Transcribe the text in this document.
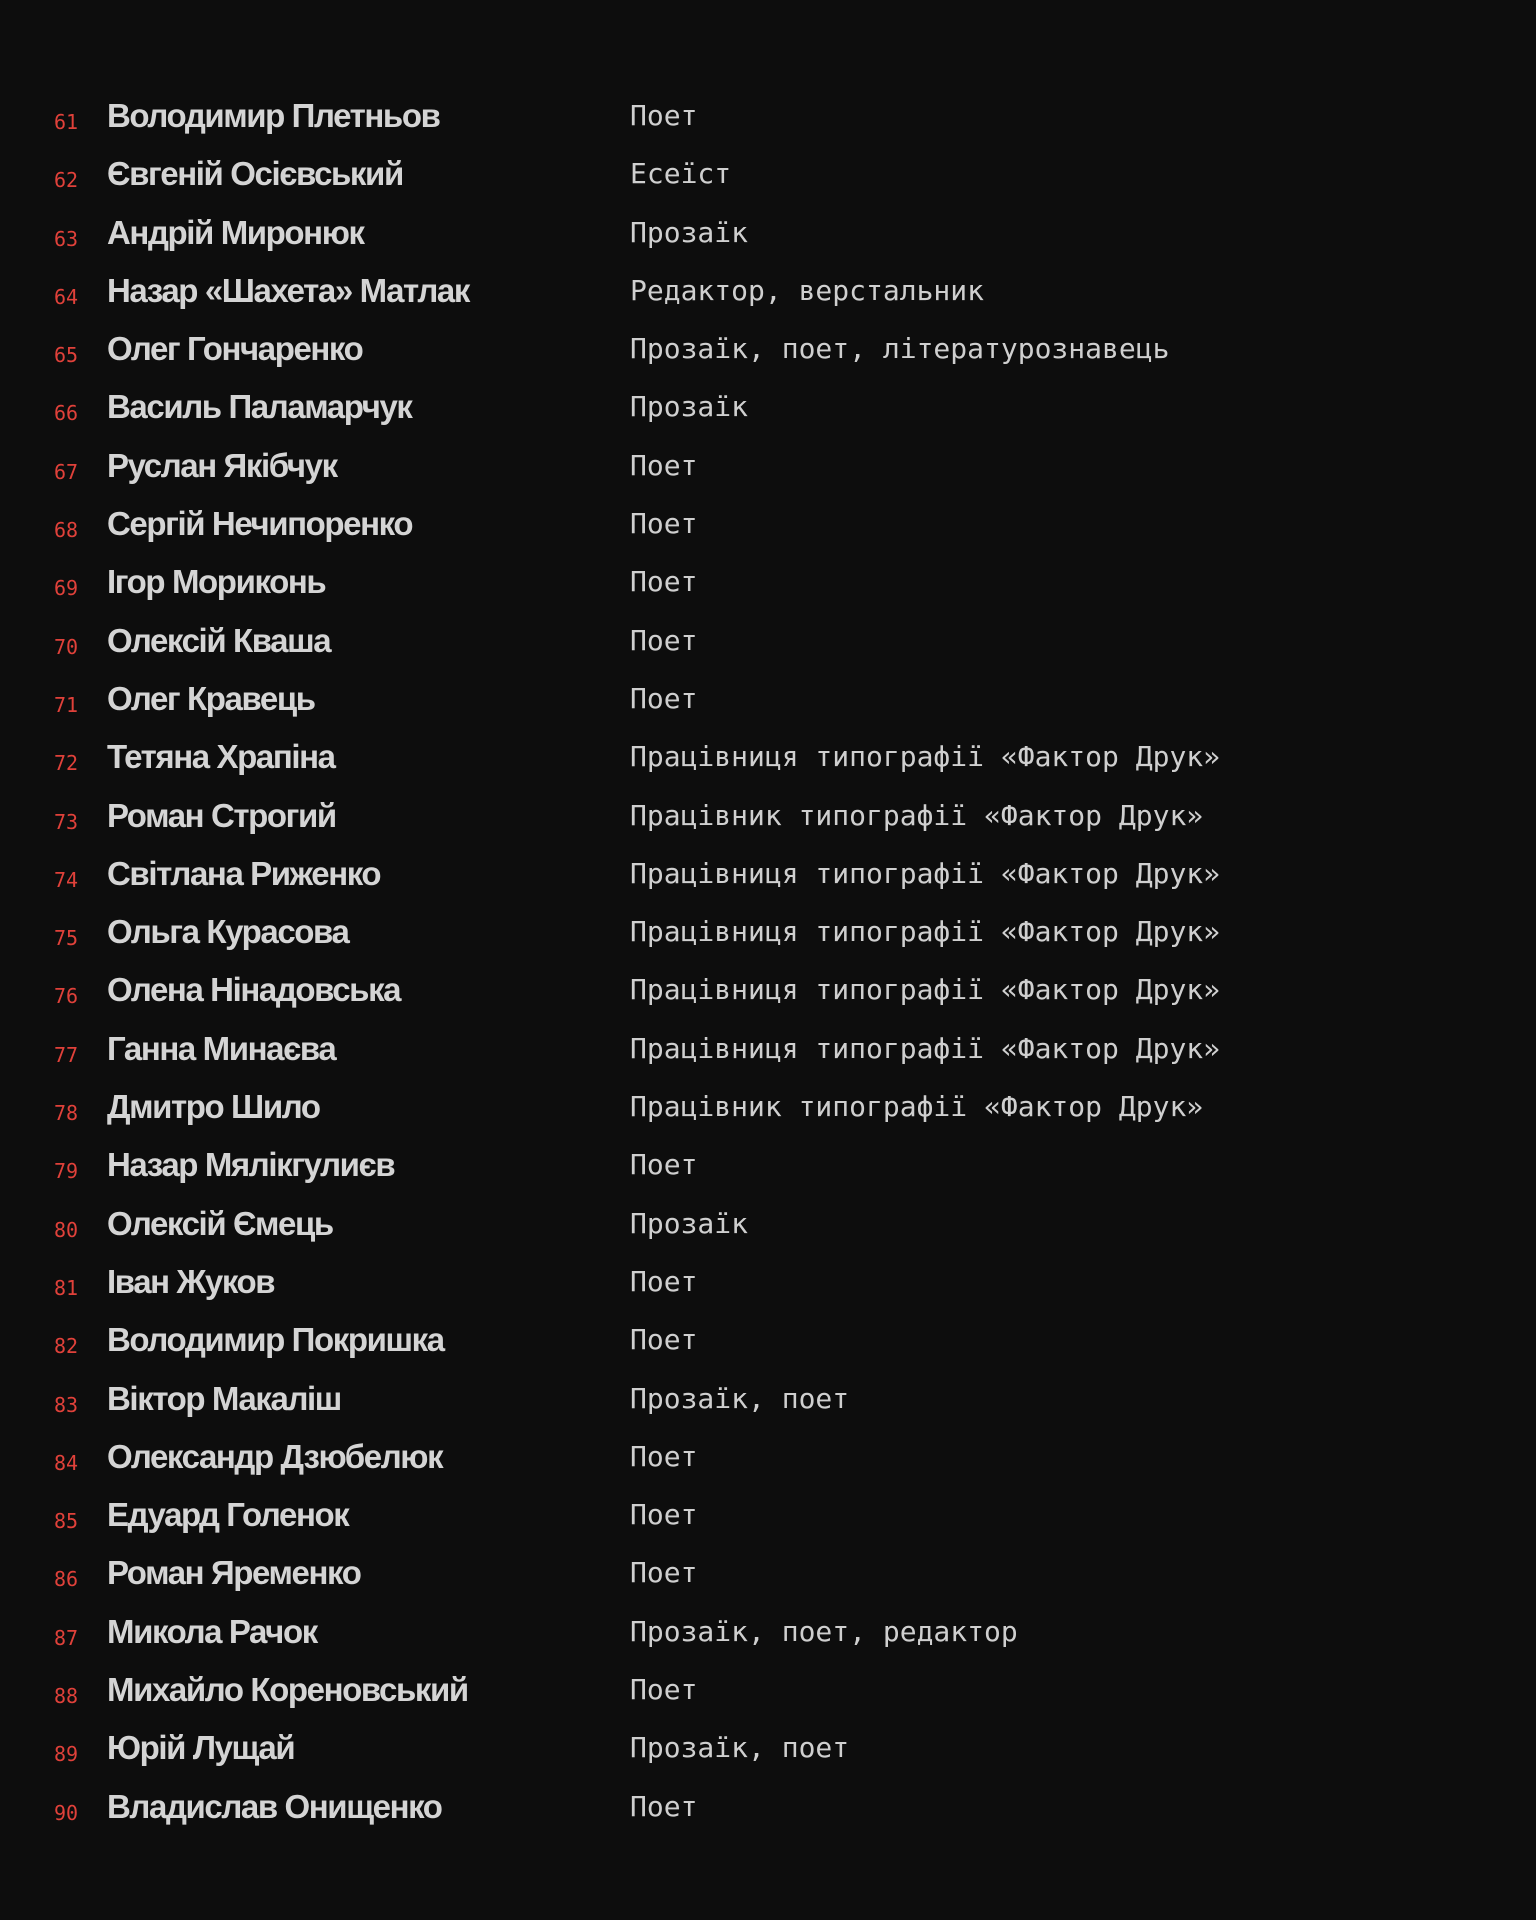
61 Володимир Плетньов	Поет
62 Євгеній Осієвський	Есеїст
63 Андрій Миронюк	Прозаїк
64 Назар «Шахета» Матлак	Редактор, верстальник
65 Олег Гончаренко	Прозаїк, поет, літературознавець
66 Василь Паламарчук	Прозаїк
67 Руслан Якібчук	Поет
68 Сергій Нечипоренко	Поет
69 Ігор Мориконь	Поет
70 Олексій Кваша	Поет
71 Олег Кравець	Поет
72 Тетяна Храпіна	Працівниця типографії «Фактор Друк»
73 Роман Строгий	Працівник типографії «Фактор Друк»
74 Світлана Риженко	Працівниця типографії «Фактор Друк»
75 Ольга Курасова	Працівниця типографії «Фактор Друк»
76 Олена Нінадовська	Працівниця типографії «Фактор Друк»
77 Ганна Минаєва	Працівниця типографії «Фактор Друк»
78 Дмитро Шило	Працівник типографії «Фактор Друк»
79 Назар Мялікгулиєв	Поет
80 Олексій Ємець	Прозаїк
81 Іван Жуков	Поет
82 Володимир Покришка	Поет
83 Віктор Макаліш	Прозаїк, поет
84 Олександр Дзюбелюк	Поет
85 Едуард Голенок	Поет
86 Роман Яременко	Поет
87 Микола Рачок	Прозаїк, поет, редактор
88 Михайло Кореновський	Поет
89 Юрій Лущай	Прозаїк, поет
90 Владислав Онищенко	Поет
